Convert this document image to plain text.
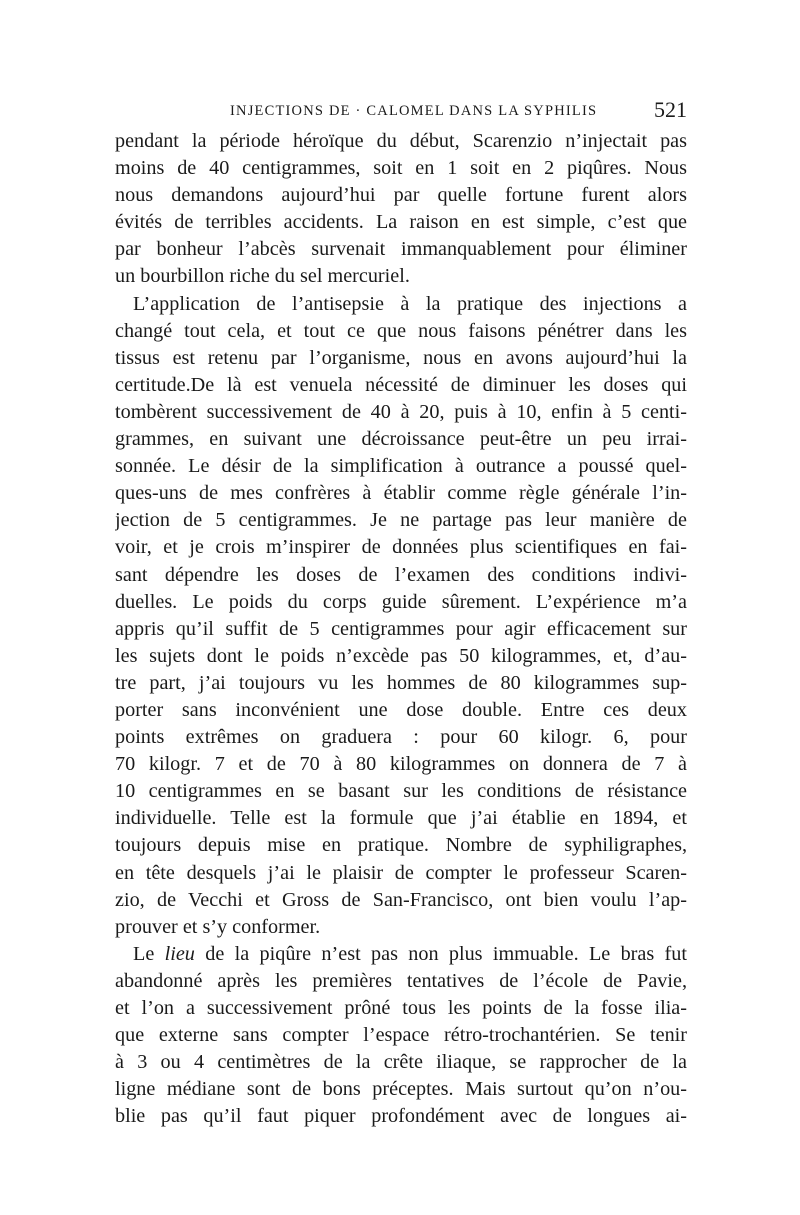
INJECTIONS DE · CALOMEL DANS LA SYPHILIS	521
pendant la période héroïque du début, Scarenzio n’injectait pas
moins de 40 centigrammes, soit en 1 soit en 2 piqûres. Nous
nous demandons aujourd’hui par quelle fortune furent alors
évités de terribles accidents. La raison en est simple, c’est que
par bonheur l’abcès survenait immanquablement pour éliminer
un bourbillon riche du sel mercuriel.
L’application de l’antisepsie à la pratique des injections a
changé tout cela, et tout ce que nous faisons pénétrer dans les
tissus est retenu par l’organisme, nous en avons aujourd’hui la
certitude.De là est venuela nécessité de diminuer les doses qui
tombèrent successivement de 40 à 20, puis à 10, enfin à 5 centi-
grammes, en suivant une décroissance peut-être un peu irrai-
sonnée. Le désir de la simplification à outrance a poussé quel-
ques-uns de mes confrères à établir comme règle générale l’in-
jection de 5 centigrammes. Je ne partage pas leur manière de
voir, et je crois m’inspirer de données plus scientifiques en fai-
sant dépendre les doses de l’examen des conditions indivi-
duelles. Le poids du corps guide sûrement. L’expérience m’a
appris qu’il suffit de 5 centigrammes pour agir efficacement sur
les sujets dont le poids n’excède pas 50 kilogrammes, et, d’au-
tre part, j’ai toujours vu les hommes de 80 kilogrammes sup-
porter sans inconvénient une dose double. Entre ces deux
points extrêmes on graduera : pour 60 kilogr. 6, pour
70 kilogr. 7 et de 70 à 80 kilogrammes on donnera de 7 à
10 centigrammes en se basant sur les conditions de résistance
individuelle. Telle est la formule que j’ai établie en 1894, et
toujours depuis mise en pratique. Nombre de syphiligraphes,
en tête desquels j’ai le plaisir de compter le professeur Scaren-
zio, de Vecchi et Gross de San-Francisco, ont bien voulu l’ap-
prouver et s’y conformer.
Le lieu de la piqûre n’est pas non plus immuable. Le bras fut
abandonné après les premières tentatives de l’école de Pavie,
et l’on a successivement prôné tous les points de la fosse ilia-
que externe sans compter l’espace rétro-trochantérien. Se tenir
à 3 ou 4 centimètres de la crête iliaque, se rapprocher de la
ligne médiane sont de bons préceptes. Mais surtout qu’on n’ou-
blie pas qu’il faut piquer profondément avec de longues ai-
